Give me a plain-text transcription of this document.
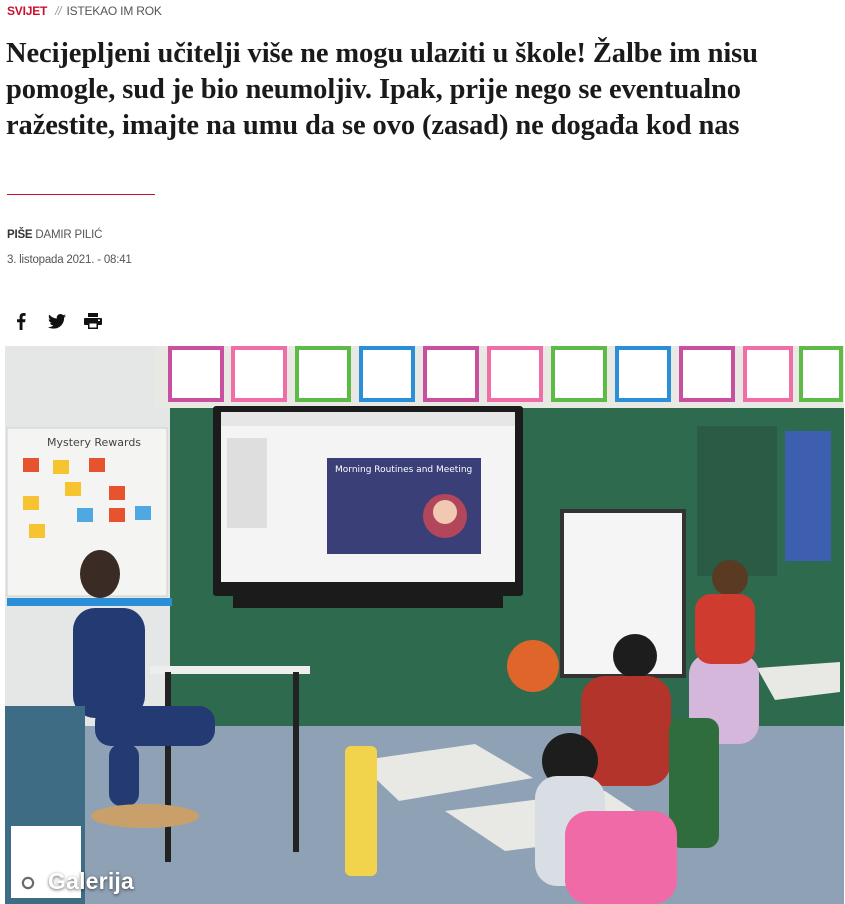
SVIJET // ISTEKAO IM ROK
Necijepljeni učitelji više ne mogu ulaziti u škole! Žalbe im nisu pomogle, sud je bio neumoljiv. Ipak, prije nego se eventualno ražestite, imajte na umu da se ovo (zasad) ne događa kod nas
PIŠE DAMIR PILIĆ
3. listopada 2021. - 08:41
Mystery Rewards
Morning Routines and Meeting
Galerija
